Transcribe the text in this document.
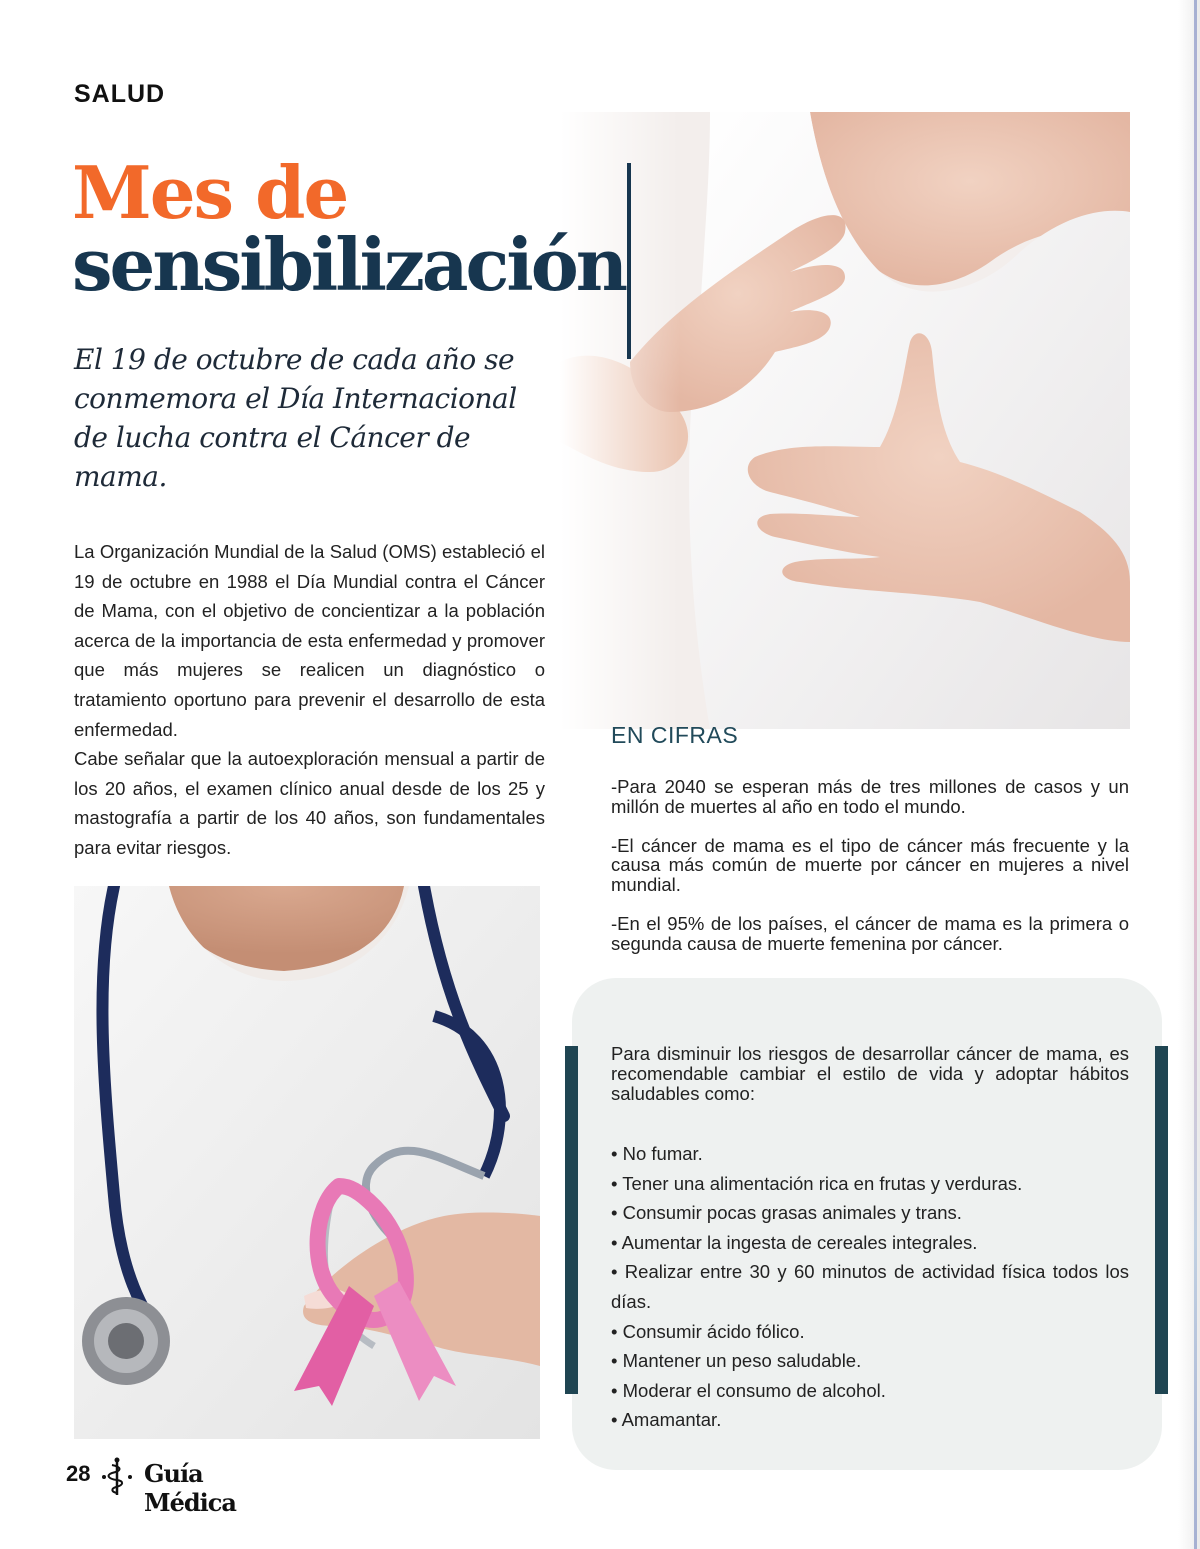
SALUD
Mes de
sensibilización
El 19 de octubre de cada año se conmemora el Día Internacional de lucha contra el Cáncer de mama.

La Organización Mundial de la Salud (OMS) estableció el 19 de octubre en 1988 el Día Mundial contra el Cáncer de Mama, con el objetivo de concientizar a la población acerca de la importancia de esta enfermedad y promover que más mujeres se realicen un diagnóstico o tratamiento oportuno para prevenir el desarrollo de esta enfermedad.

Cabe señalar que la autoexploración mensual a partir de los 20 años, el examen clínico anual desde de los 25 y mastografía a partir de los 40 años, son fundamentales para evitar riesgos.

EN CIFRAS

-Para 2040 se esperan más de tres millones de casos y un millón de muertes al año en todo el mundo.

-El cáncer de mama es el tipo de cáncer más frecuente y la causa más común de muerte por cáncer en mujeres a nivel mundial.

-En el 95% de los países, el cáncer de mama es la primera o segunda causa de muerte femenina por cáncer.

Para disminuir los riesgos de desarrollar cáncer de mama, es recomendable cambiar el estilo de vida y adoptar hábitos saludables como:
• No fumar.
• Tener una alimentación rica en frutas y verduras.
• Consumir pocas grasas animales y trans.
• Aumentar la ingesta de cereales integrales.
• Realizar entre 30 y 60 minutos de actividad física todos los días.
• Consumir ácido fólico.
• Mantener un peso saludable.
• Moderar el consumo de alcohol.
• Amamantar.
28 Guía Médica
